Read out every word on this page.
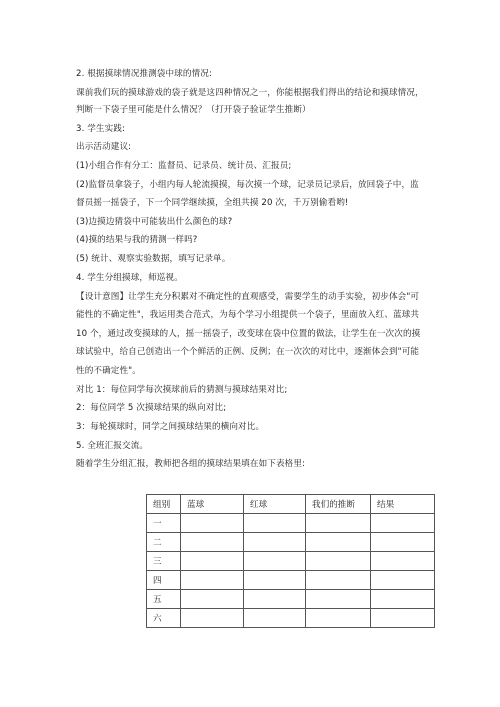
2. 根据摸球情况推测袋中球的情况:
课前我们玩的摸球游戏的袋子就是这四种情况之一，你能根据我们得出的结论和摸球情况，
判断一下袋子里可能是什么情况？（打开袋子验证学生推断）
3. 学生实践:
出示活动建议:
(1)小组合作有分工：监督员、记录员、统计员、汇报员;
(2)监督员拿袋子，小组内每人轮流摸摸，每次摸一个球，记录员记录后，放回袋子中，监
督员摇一摇袋子，下一个同学继续摸，全组共摸 20 次，千万别偷看哟!
(3)边摸边猜袋中可能装出什么颜色的球?
(4)摸的结果与我的猜测一样吗?
(5) 统计、观察实验数据，填写记录单。
4. 学生分组摸球，师巡视。
【设计意图】让学生充分积累对不确定性的直观感受，需要学生的动手实验，初步体会"可
能性的不确定性"，我运用类合范式，为每个学习小组提供一个袋子，里面放入红、蓝球共
10 个，通过改变摸球的人，摇一摇袋子，改变球在袋中位置的做法，让学生在一次次的摸
球试验中，给自己创造出一个个鲜活的正例、反例；在一次次的对比中，逐渐体会到"可能
性的不确定性"。
对比 1：每位同学每次摸球前后的猜测与摸球结果对比;
2：每位同学 5 次摸球结果的纵向对比;
3：每轮摸球时，同学之间摸球结果的横向对比。
5. 全班汇报交流。
随着学生分组汇报，教师把各组的摸球结果填在如下表格里:
组别	蓝球	红球	我们的推断	结果
一				
二				
三				
四				
五				
六				
